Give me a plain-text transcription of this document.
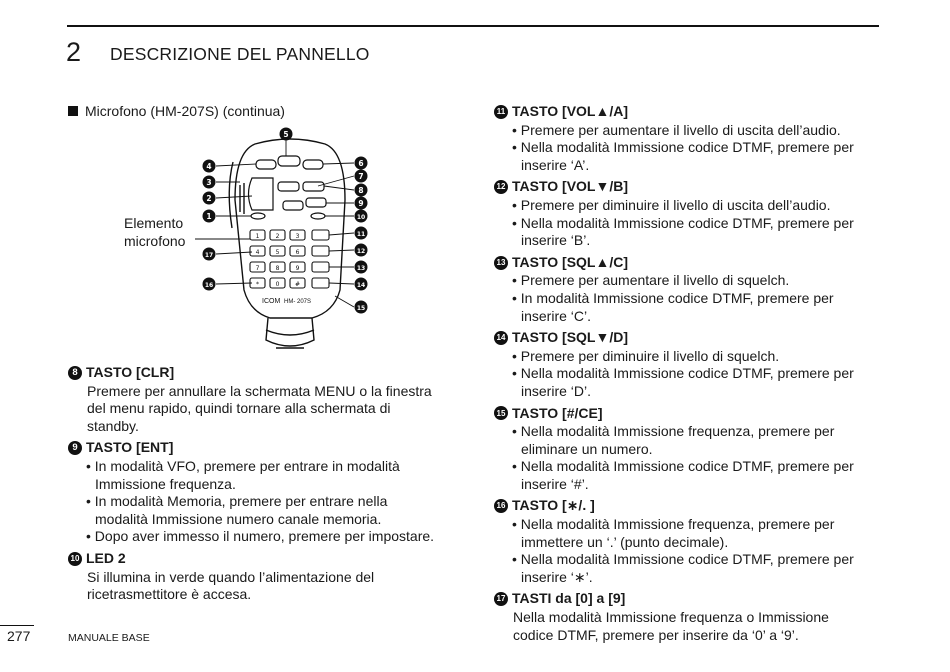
2 DESCRIZIONE DEL PANNELLO
Microfono (HM-207S) (continua)
Elemento
microfono	1	2	3
4	5	6
7	8	9
*	0	#
ICOM HM- 207S
5
4
3
2
1
17
16
6
7
8
9
10
11
12
13
14
15
8 TASTO [CLR]
Premere per annullare la schermata MENU o la finestra
del menu rapido, quindi tornare alla schermata di
standby.
9 TASTO [ENT]
• In modalità VFO, premere per entrare in modalità
Immissione frequenza.
• In modalità Memoria, premere per entrare nella
modalità Immissione numero canale memoria.
• Dopo aver immesso il numero, premere per impostare.
10 LED 2
Si illumina in verde quando l’alimentazione del
ricetrasmettitore è accesa.
11 TASTO [VOL▲/A]
• Premere per aumentare il livello di uscita dell’audio.
• Nella modalità Immissione codice DTMF, premere per
inserire ‘A’.
12 TASTO [VOL▼/B]
• Premere per diminuire il livello di uscita dell’audio.
• Nella modalità Immissione codice DTMF, premere per
inserire ‘B’.
13 TASTO [SQL▲/C]
• Premere per aumentare il livello di squelch.
• In modalità Immissione codice DTMF, premere per
inserire ‘C’.
14 TASTO [SQL▼/D]
• Premere per diminuire il livello di squelch.
• Nella modalità Immissione codice DTMF, premere per
inserire ‘D’.
15 TASTO [#/CE]
• Nella modalità Immissione frequenza, premere per
eliminare un numero.
• Nella modalità Immissione codice DTMF, premere per
inserire ‘#’.
16 TASTO [∗/. ]
• Nella modalità Immissione frequenza, premere per
immettere un ‘.’ (punto decimale).
• Nella modalità Immissione codice DTMF, premere per
inserire ‘∗’.
17 TASTI da [0] a [9]
Nella modalità Immissione frequenza o Immissione
codice DTMF, premere per inserire da ‘0’ a ‘9’.
277	MANUALE BASE
